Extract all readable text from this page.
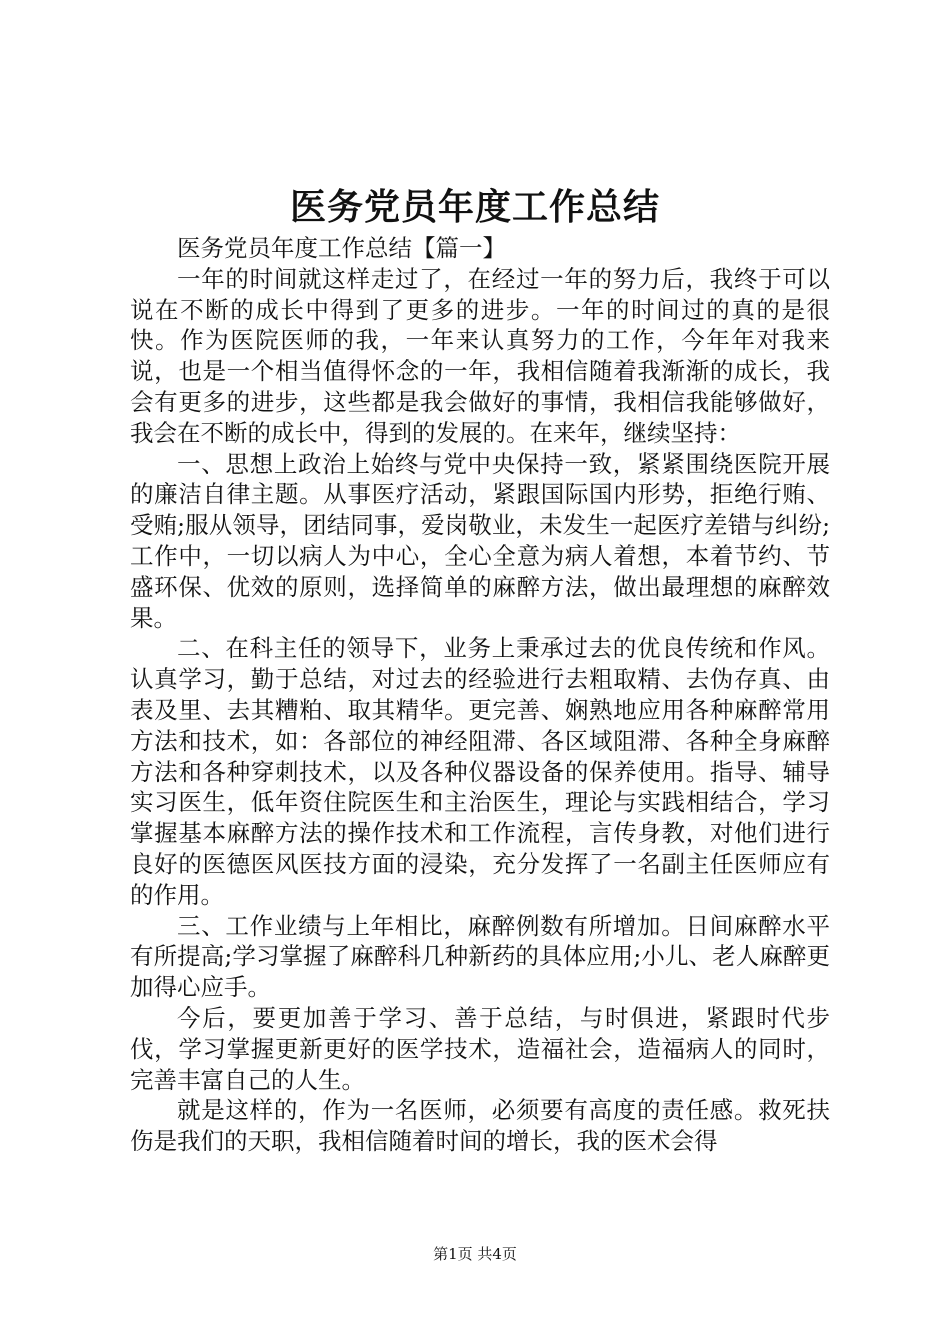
医务党员年度工作总结

医务党员年度工作总结【篇一】

一年的时间就这样走过了，在经过一年的努力后，我终于可以说在不断的成长中得到了更多的进步。一年的时间过的真的是很快。作为医院医师的我，一年来认真努力的工作，今年年对我来说，也是一个相当值得怀念的一年，我相信随着我渐渐的成长，我会有更多的进步，这些都是我会做好的事情，我相信我能够做好，我会在不断的成长中，得到的发展的。在来年，继续坚持：

一、思想上政治上始终与党中央保持一致，紧紧围绕医院开展的廉洁自律主题。从事医疗活动，紧跟国际国内形势，拒绝行贿、受贿;服从领导，团结同事，爱岗敬业，未发生一起医疗差错与纠纷;工作中，一切以病人为中心，全心全意为病人着想，本着节约、节盛环保、优效的原则，选择简单的麻醉方法，做出最理想的麻醉效果。

二、在科主任的领导下，业务上秉承过去的优良传统和作风。认真学习，勤于总结，对过去的经验进行去粗取精、去伪存真、由表及里、去其糟粕、取其精华。更完善、娴熟地应用各种麻醉常用方法和技术，如：各部位的神经阻滞、各区域阻滞、各种全身麻醉方法和各种穿刺技术，以及各种仪器设备的保养使用。指导、辅导实习医生，低年资住院医生和主治医生，理论与实践相结合，学习掌握基本麻醉方法的操作技术和工作流程，言传身教，对他们进行良好的医德医风医技方面的浸染，充分发挥了一名副主任医师应有的作用。

三、工作业绩与上年相比，麻醉例数有所增加。日间麻醉水平有所提高;学习掌握了麻醉科几种新药的具体应用;小儿、老人麻醉更加得心应手。

今后，要更加善于学习、善于总结，与时俱进，紧跟时代步伐，学习掌握更新更好的医学技术，造福社会，造福病人的同时，完善丰富自己的人生。

就是这样的，作为一名医师，必须要有高度的责任感。救死扶伤是我们的天职，我相信随着时间的增长，我的医术会得

第1页 共4页
